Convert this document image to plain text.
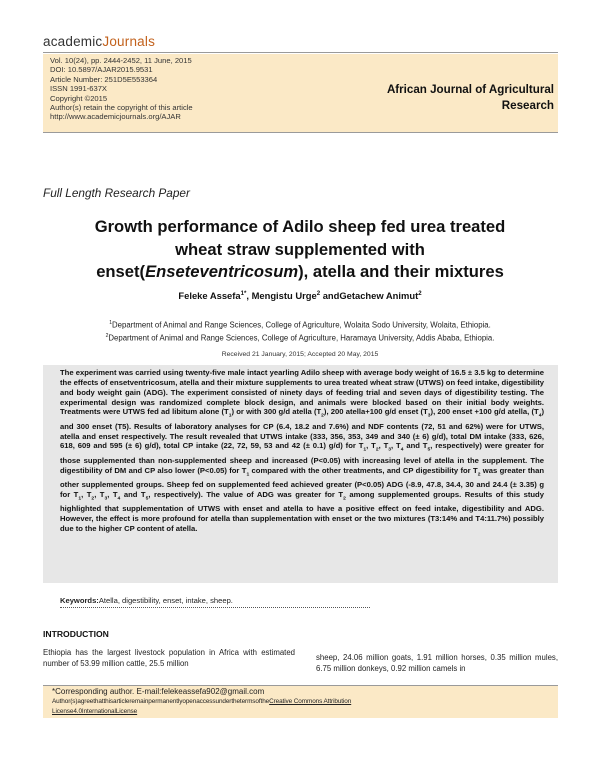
academicJournals
Vol. 10(24), pp. 2444-2452, 11 June, 2015
DOI: 10.5897/AJAR2015.9531
Article Number: 251D5E553364
ISSN 1991-637X
Copyright ©2015
Author(s) retain the copyright of this article
http://www.academicjournals.org/AJAR
African Journal of Agricultural
Research
Full Length Research Paper
Growth performance of Adilo sheep fed urea treated
wheat straw supplemented with
enset(Enseteventricosum), atella and their mixtures
Feleke Assefa$^{1*}$, Mengistu Urge$^2$ andGetachew Animut$^2$
$^1$Department of Animal and Range Sciences, College of Agriculture, Wolaita Sodo University, Wolaita, Ethiopia.
$^2$Department of Animal and Range Sciences, College of Agriculture, Haramaya University, Addis Ababa, Ethiopia.
Received 21 January, 2015; Accepted 20 May, 2015
The experiment was carried using twenty-five male intact yearling Adilo sheep with average body weight of 16.5 ± 3.5 kg to determine the effects of ensetventricosum, atella and their mixture supplements to urea treated wheat straw (UTWS) on feed intake, digestibility and body weight gain (ADG). The experiment consisted of ninety days of feeding trial and seven days of digestibility testing. The experimental design was randomized complete block design, and animals were blocked based on their initial body weights. Treatments were UTWS fed ad libitum alone $(T_1)$ or with 300 g/d atella $(T_2)$, 200 atella+100 g/d enset $(T_3)$, 200 enset +100 g/d atella, $(T_4)$ and 300 enset (T5). Results of laboratory analyses for CP (6.4, 18.2 and 7.6%) and NDF contents (72, 51 and 62%) were for UTWS, atella and enset respectively. The result revealed that UTWS intake (333, 356, 353, 349 and 340 (± 6) g/d), total DM intake (333, 626, 618, 609 and 595 (± 6) g/d), total CP intake (22, 72, 59, 53 and 42 (± 0.1) g/d) for $T_1$, $T_2$, $T_3$, $T_4$ and $T_5$, respectively) were greater for those supplemented than non-supplemented sheep and increased (P<0.05) with increasing level of atella in the supplement. The digestibility of DM and CP also lower (P<0.05) for $T_1$ compared with the other treatments, and CP digestibility for $T_2$ was greater than other supplemented groups. Sheep fed on supplemented feed achieved greater (P<0.05) ADG (-8.9, 47.8, 34.4, 30 and 24.4 (± 3.35) g for $T_1$, $T_2$, $T_3$, $T_4$ and $T_5$, respectively). The value of ADG was greater for $T_2$ among supplemented groups. Results of this study highlighted that supplementation of UTWS with enset and atella to have a positive effect on feed intake, digestibility and ADG. However, the effect is more profound for atella than supplementation with enset or the two mixtures (T3:14% and T4:11.7%) possibly due to the higher CP content of atella.
Keywords:Atella, digestibility, enset, intake, sheep.
INTRODUCTION
Ethiopia has the largest livestock population in Africa with estimated number of 53.99 million cattle, 25.5 million
sheep, 24.06 million goats, 1.91 million horses, 0.35 million mules, 6.75 million donkeys, 0.92 million camels in
*Corresponding author. E-mail:felekeassefa902@gmail.com
Author(s)agreethatthisarticleremainpermanentlyopenaccessunderthetermsoftheCreative Commons Attribution
License4.0InternationalLicense
